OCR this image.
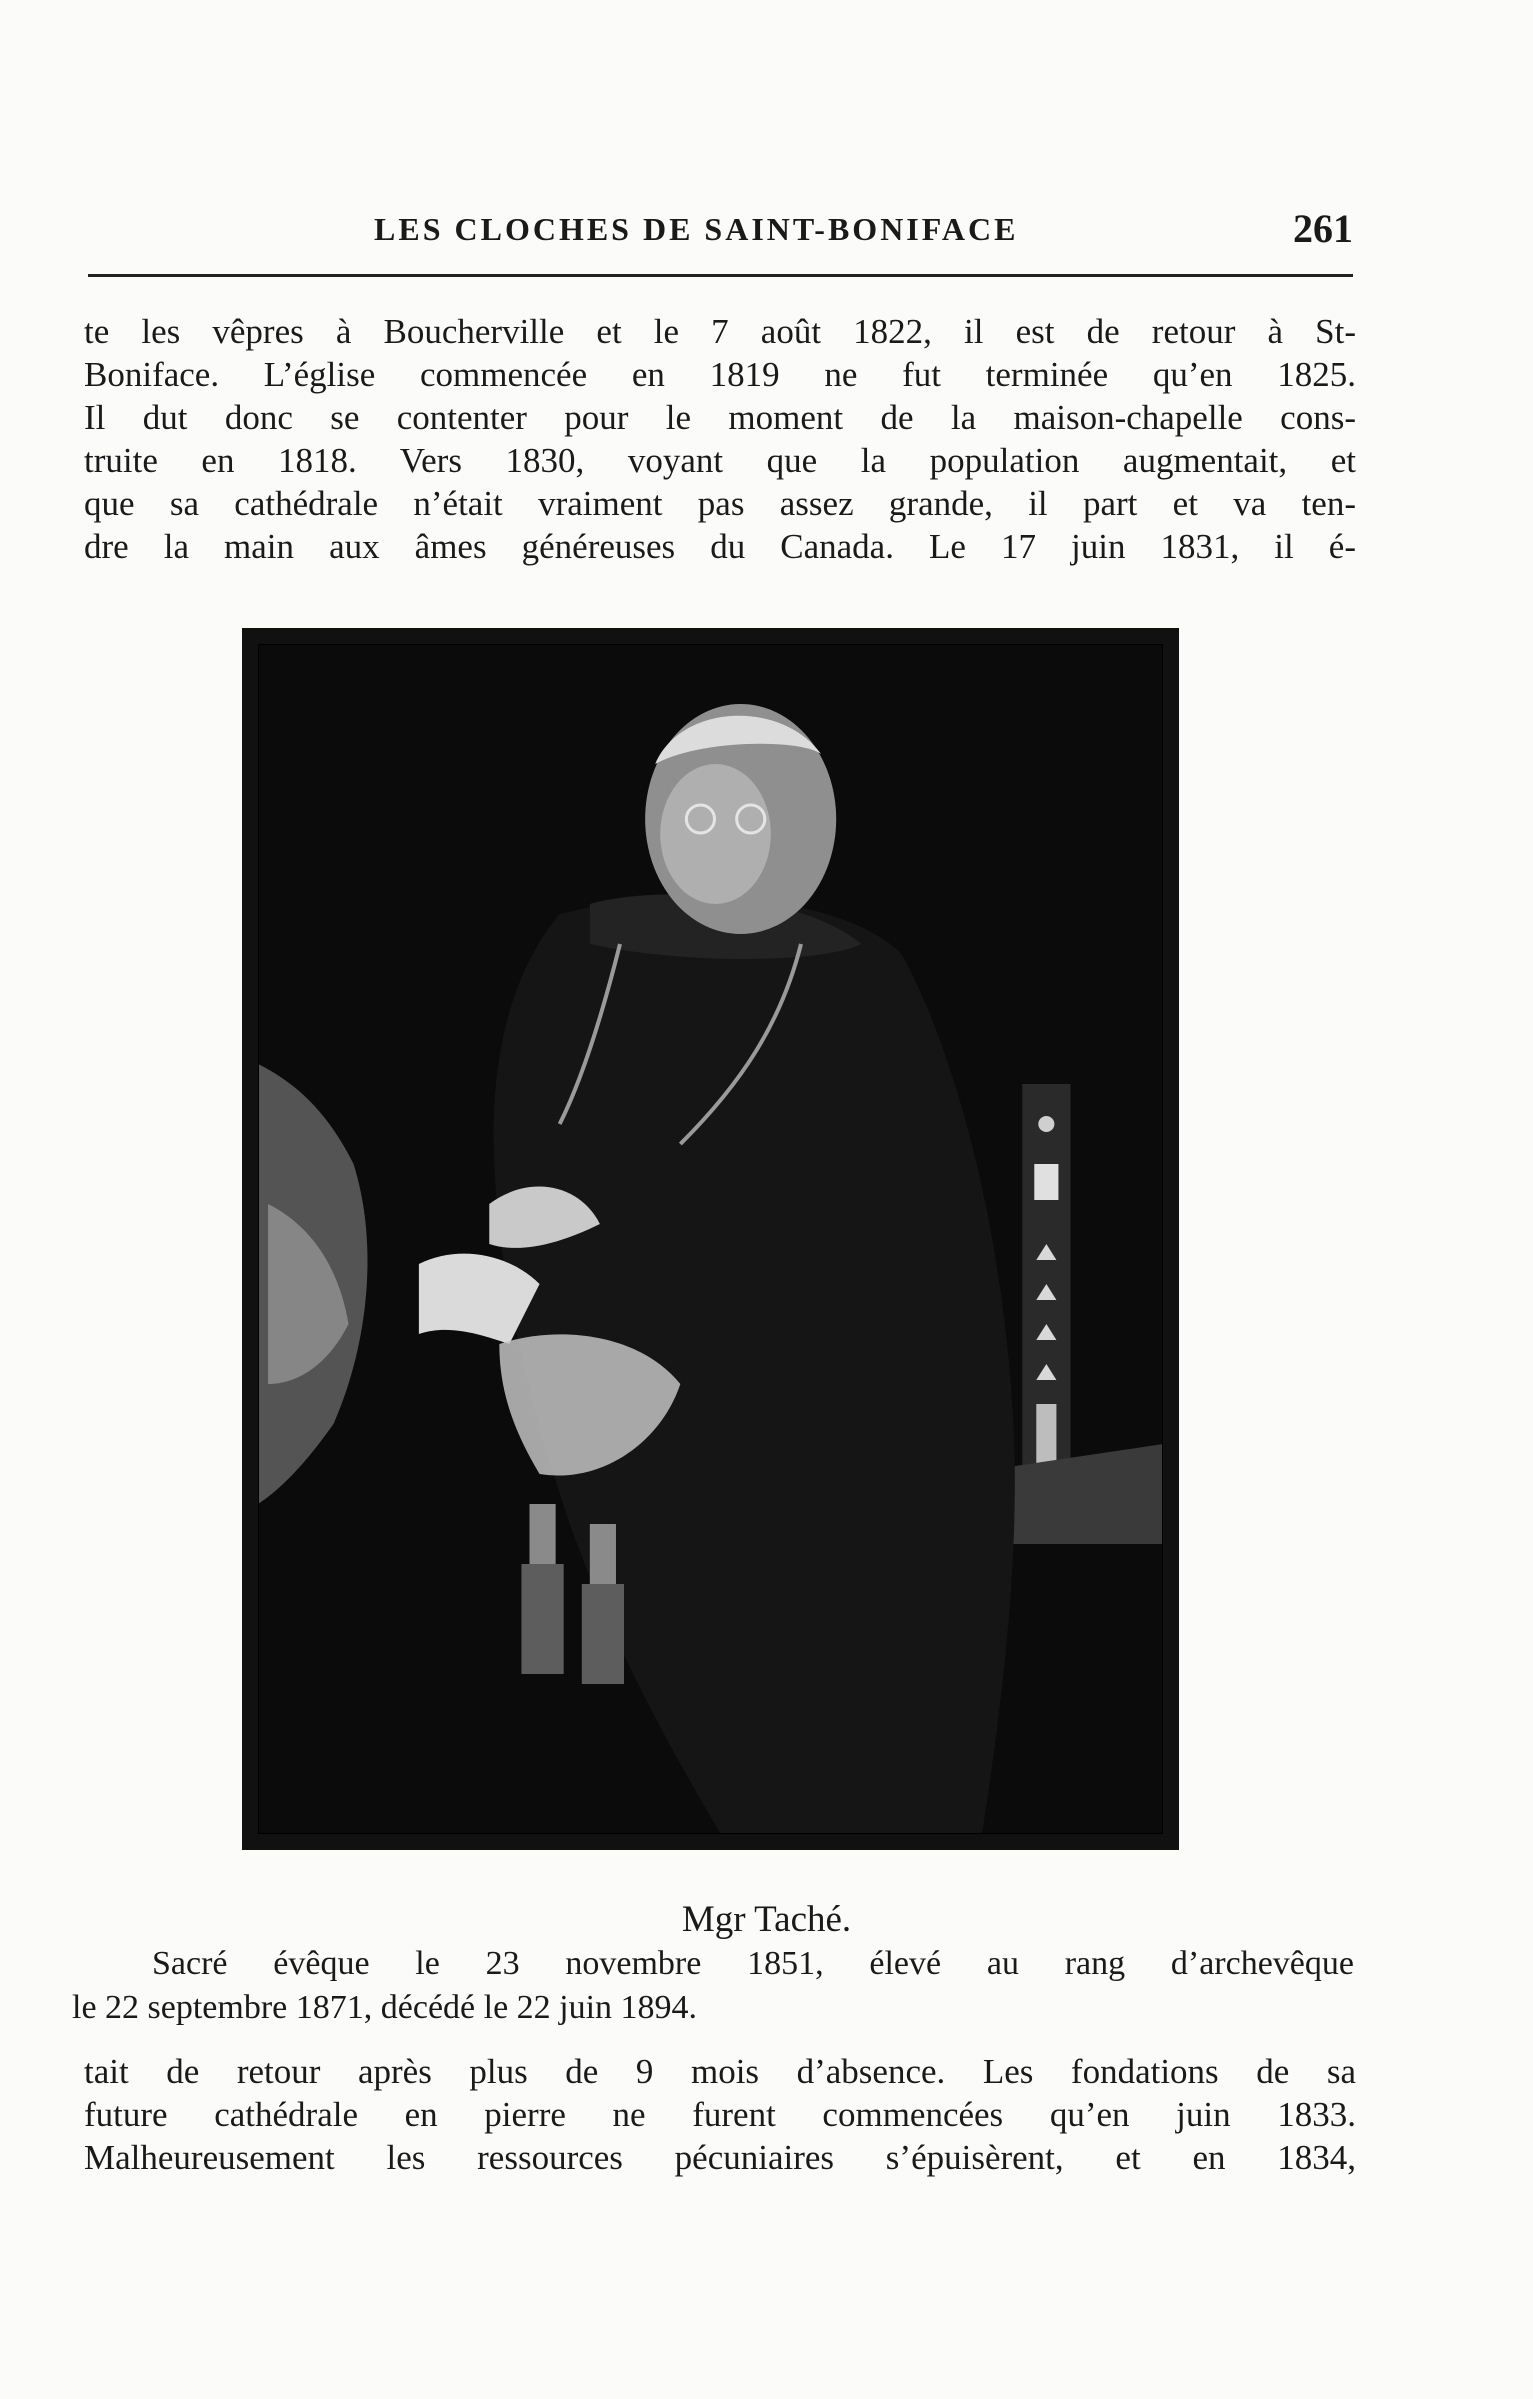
LES CLOCHES DE SAINT-BONIFACE	261
te les vêpres à Boucherville et le 7 août 1822, il est de retour à St-
Boniface. L’église commencée en 1819 ne fut terminée qu’en 1825.
Il dut donc se contenter pour le moment de la maison-chapelle cons-
truite en 1818. Vers 1830, voyant que la population augmentait, et
que sa cathédrale n’était vraiment pas assez grande, il part et va ten-
dre la main aux âmes généreuses du Canada. Le 17 juin 1831, il é-
Mgr Taché.
Sacré évêque le 23 novembre 1851, élevé au rang d’archevêque
le 22 septembre 1871, décédé le 22 juin 1894.
tait de retour après plus de 9 mois d’absence. Les fondations de sa
future cathédrale en pierre ne furent commencées qu’en juin 1833.
Malheureusement les ressources pécuniaires s’épuisèrent, et en 1834,
